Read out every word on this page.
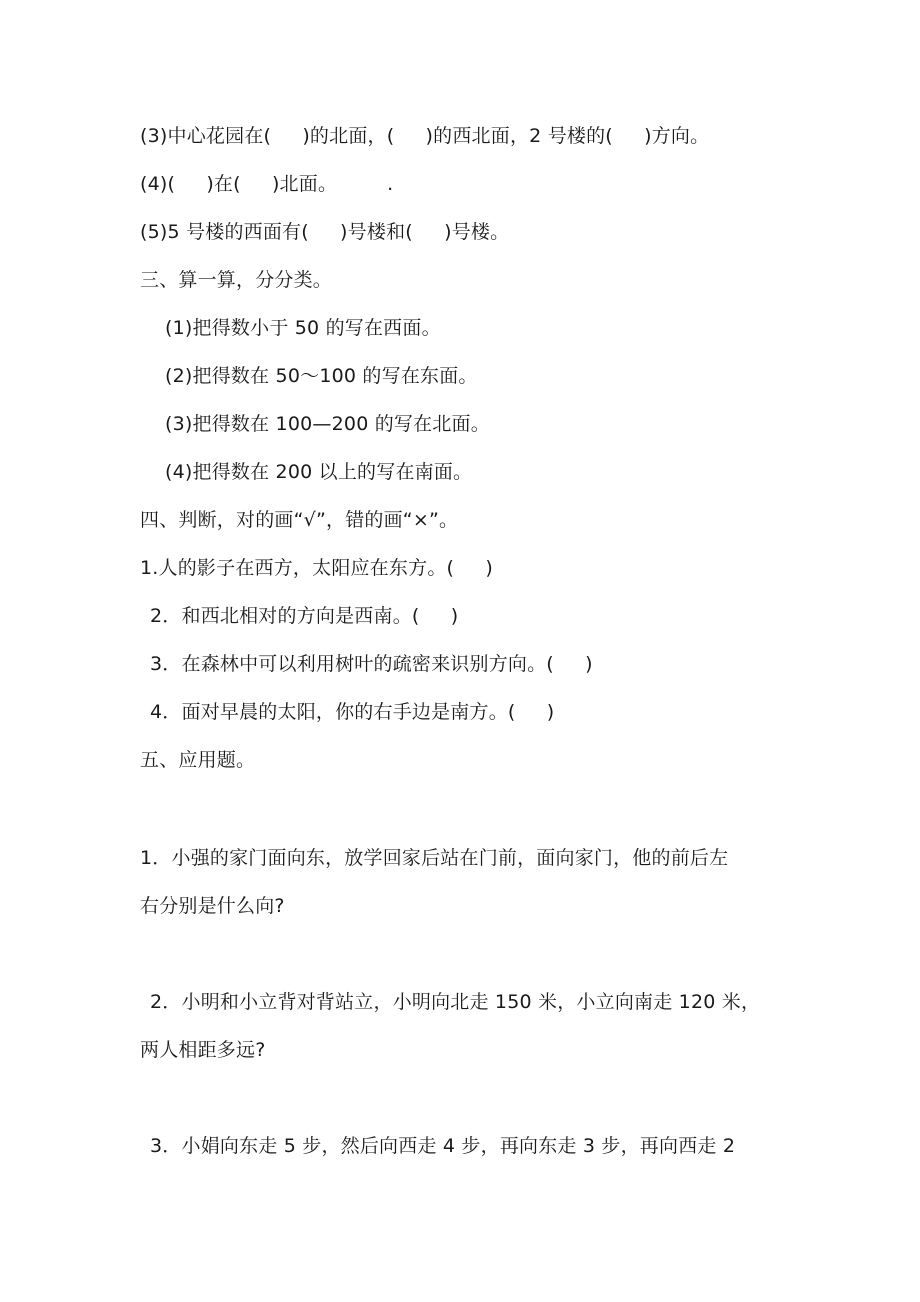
(3)中心花园在(     )的北面，(     )的西北面，2 号楼的(     )方向。
(4)(     )在(     )北面。        .
(5)5 号楼的西面有(     )号楼和(     )号楼。
三、算一算，分分类。
(1)把得数小于 50 的写在西面。
(2)把得数在 50～100 的写在东面。
(3)把得数在 100—200 的写在北面。
(4)把得数在 200 以上的写在南面。
四、判断，对的画“√”，错的画“×”。
1.人的影子在西方，太阳应在东方。(     )
2．和西北相对的方向是西南。(     )
3．在森林中可以利用树叶的疏密来识别方向。(     )
4．面对早晨的太阳，你的右手边是南方。(     )
五、应用题。
1．小强的家门面向东，放学回家后站在门前，面向家门，他的前后左
右分别是什么向?
2．小明和小立背对背站立，小明向北走 150 米，小立向南走 120 米，
两人相距多远?
3．小娟向东走 5 步，然后向西走 4 步，再向东走 3 步，再向西走 2
